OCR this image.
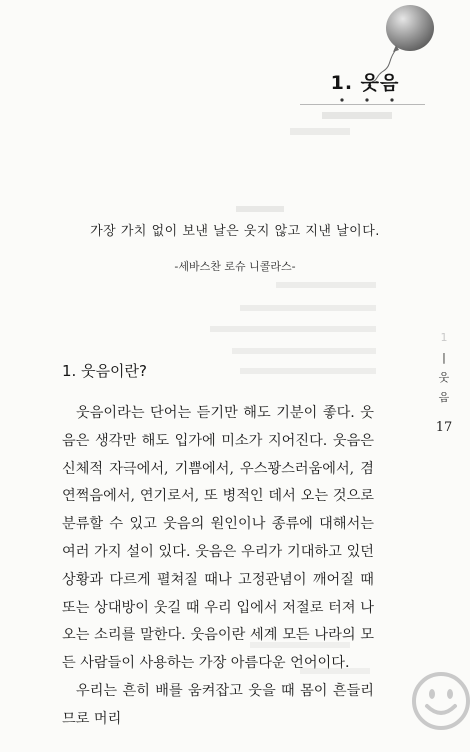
1. 웃음
가장 가치 없이 보낸 날은 웃지 않고 지낸 날이다.
-세바스찬 로슈 니콜라스-
1. 웃음이란?

웃음이라는 단어는 듣기만 해도 기분이 좋다. 웃음은 생각만 해도 입가에 미소가 지어진다. 웃음은 신체적 자극에서, 기쁨에서, 우스꽝스러움에서, 겸연쩍음에서, 연기로서, 또 병적인 데서 오는 것으로 분류할 수 있고 웃음의 원인이나 종류에 대해서는 여러 가지 설이 있다. 웃음은 우리가 기대하고 있던 상황과 다르게 펼쳐질 때나 고정관념이 깨어질 때 또는 상대방이 웃길 때 우리 입에서 저절로 터져 나오는 소리를 말한다. 웃음이란 세계 모든 나라의 모든 사람들이 사용하는 가장 아름다운 언어이다.

우리는 흔히 배를 움켜잡고 웃을 때 몸이 흔들리므로 머리

1
|
웃
음
17
